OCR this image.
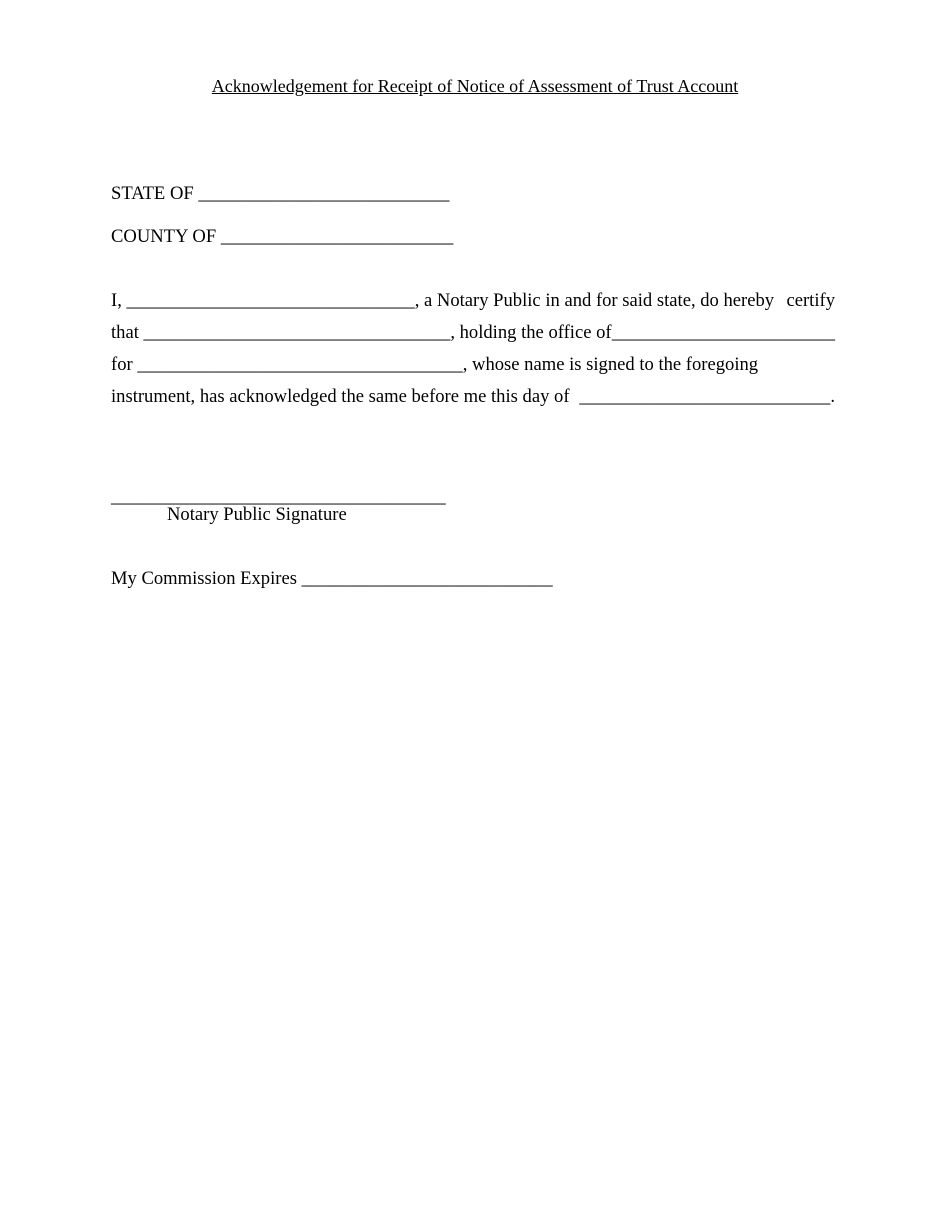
Acknowledgement for Receipt of Notice of Assessment of Trust Account
STATE OF ___________________________
COUNTY OF _________________________
I, _______________________________, a Notary Public in and for said state, do hereby certify
that _________________________________, holding the office of ________________________
for ___________________________________, whose name is signed to the foregoing
instrument, has acknowledged the same before me this day of ___________________________.
____________________________________
Notary Public Signature
My Commission Expires ___________________________
